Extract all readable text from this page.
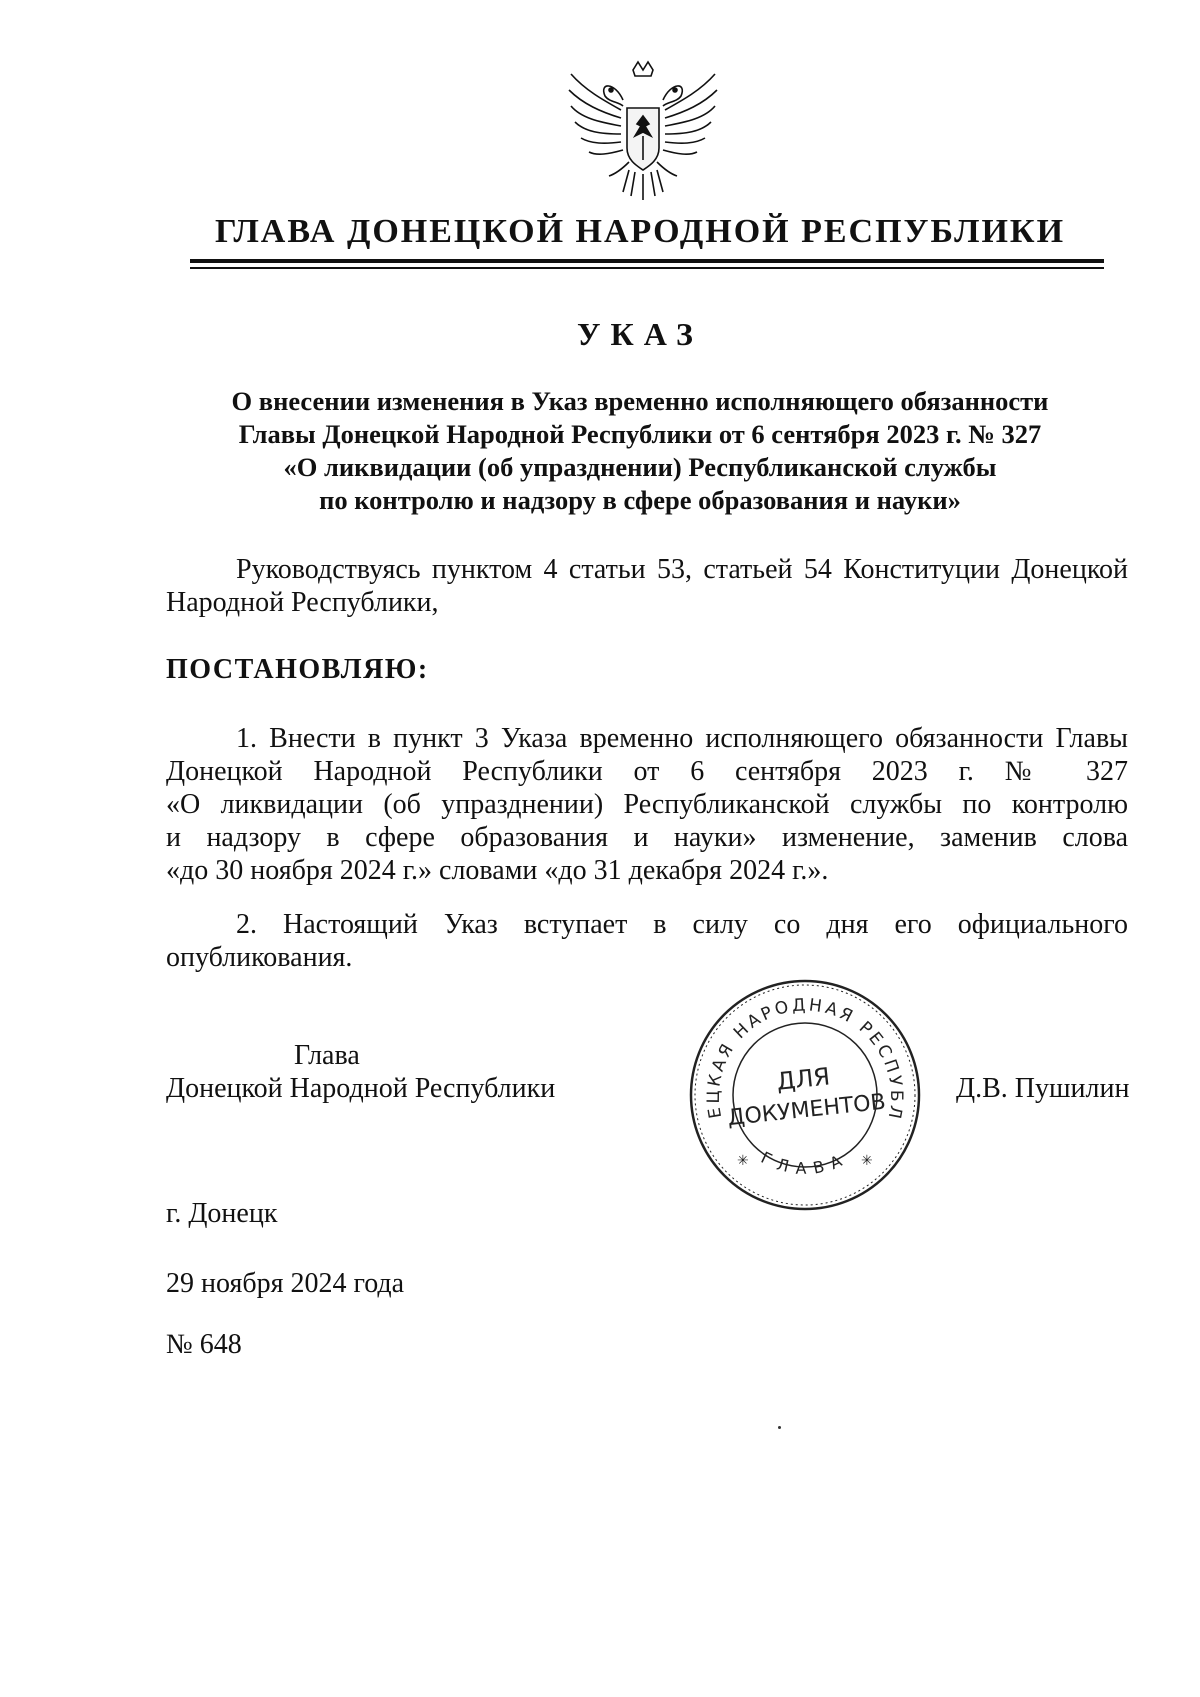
ГЛАВА ДОНЕЦКОЙ НАРОДНОЙ РЕСПУБЛИКИ
УКАЗ
О внесении изменения в Указ временно исполняющего обязанности
Главы Донецкой Народной Республики от 6 сентября 2023 г. № 327
«О ликвидации (об упразднении) Республиканской службы
по контролю и надзору в сфере образования и науки»
Руководствуясь пунктом 4 статьи 53, статьей 54 Конституции Донецкой
Народной Республики,
ПОСТАНОВЛЯЮ:
1. Внести в пункт 3 Указа временно исполняющего обязанности Главы
Донецкой Народной Республики от 6 сентября 2023 г. № 327
«О ликвидации (об упразднении) Республиканской службы по контролю
и надзору в сфере образования и науки» изменение, заменив слова
«до 30 ноября 2024 г.» словами «до 31 декабря 2024 г.».
2. Настоящий Указ вступает в силу со дня его официального
опубликования.
Глава
Донецкой Народной Республики	Д.В. Пушилин
ЕЦКАЯ НАРОДНАЯ РЕСПУБЛ
ГЛАВА
✳	✳
ДЛЯ
ДОКУМЕНТОВ
г. Донецк
29 ноября 2024 года
№ 648
